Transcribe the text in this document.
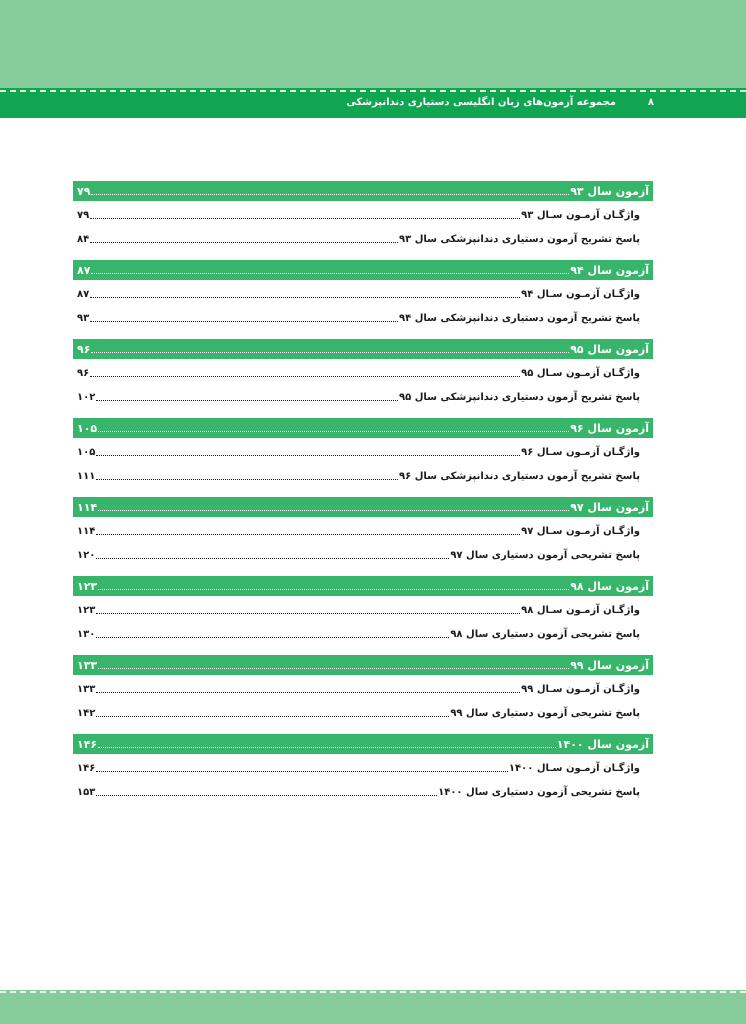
۸
مجموعه آزمون‌های زبان انگلیسی دستیاری دندانپزشکی
آزمون سال ۹۳
۷۹
واژگـان آزمـون سـال ۹۳
۷۹
پاسخ تشریح آزمون دستیاری دندانپزشکی سال ۹۳
۸۴
آزمون سال ۹۴
۸۷
واژگـان آزمـون سـال ۹۴
۸۷
پاسخ تشریح آزمون دستیاری دندانپزشکی سال ۹۴
۹۳
آزمون سال ۹۵
۹۶
واژگـان آزمـون سـال ۹۵
۹۶
پاسخ تشریح آزمون دستیاری دندانپزشکی سال ۹۵
۱۰۲
آزمون سال ۹۶
۱۰۵
واژگـان آزمـون سـال ۹۶
۱۰۵
پاسخ تشریح آزمون دستیاری دندانپزشکی سال ۹۶
۱۱۱
آزمون سال ۹۷
۱۱۴
واژگـان آزمـون سـال ۹۷
۱۱۴
پاسخ تشریحی آزمون دستیاری سال ۹۷
۱۲۰
آزمون سال ۹۸
۱۲۳
واژگـان آزمـون سـال ۹۸
۱۲۳
پاسخ تشریحی آزمون دستیاری سال ۹۸
۱۳۰
آزمون سال ۹۹
۱۳۳
واژگـان آزمـون سـال ۹۹
۱۳۳
پاسخ تشریحی آزمون دستیاری سال ۹۹
۱۴۲
آزمون سال ۱۴۰۰
۱۴۶
واژگـان آزمـون سـال ۱۴۰۰
۱۴۶
پاسخ تشریحی آزمون دستیاری سال ۱۴۰۰
۱۵۳
